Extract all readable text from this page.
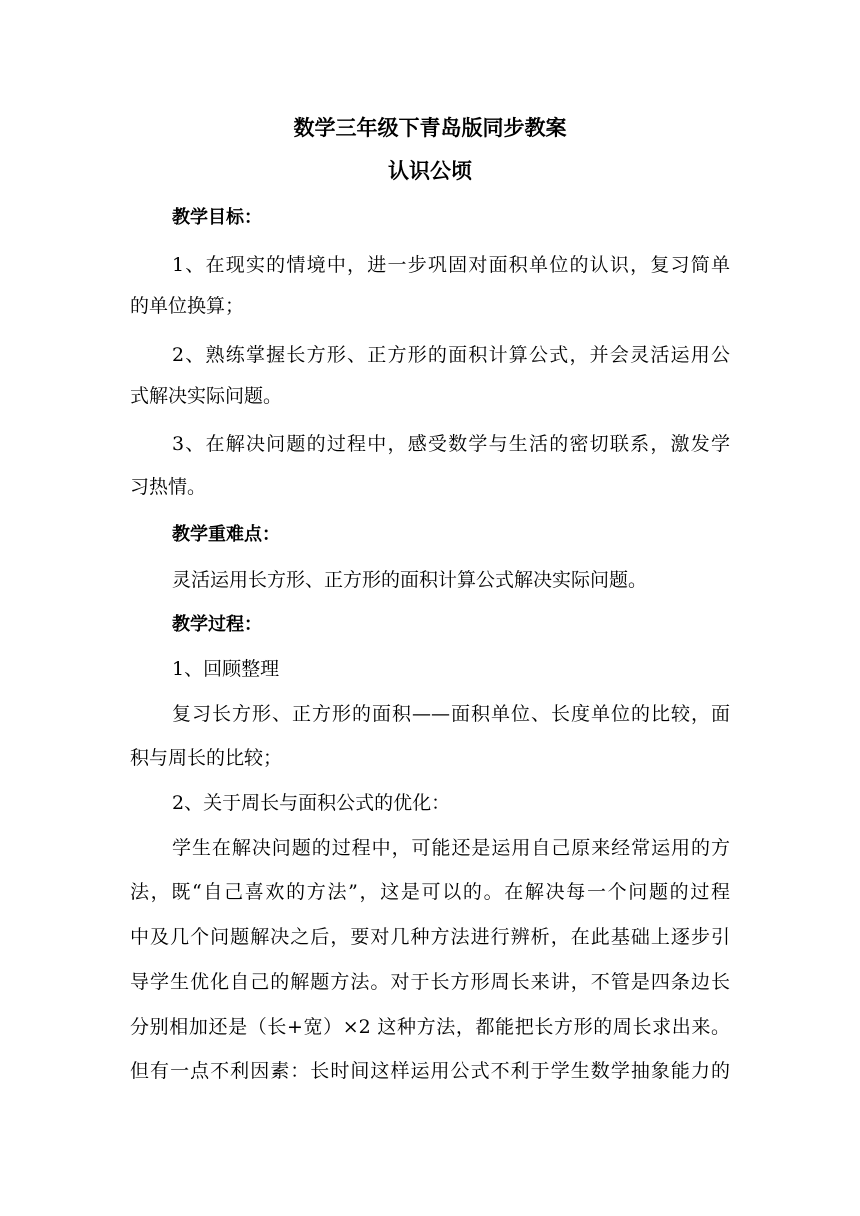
数学三年级下青岛版同步教案
认识公顷
教学目标：
1、在现实的情境中，进一步巩固对面积单位的认识，复习简单
的单位换算；
2、熟练掌握长方形、正方形的面积计算公式，并会灵活运用公
式解决实际问题。
3、在解决问题的过程中，感受数学与生活的密切联系，激发学
习热情。
教学重难点：
灵活运用长方形、正方形的面积计算公式解决实际问题。
教学过程：
1、回顾整理
复习长方形、正方形的面积——面积单位、长度单位的比较，面
积与周长的比较；
2、关于周长与面积公式的优化：
学生在解决问题的过程中，可能还是运用自己原来经常运用的方
法，既“自己喜欢的方法”，这是可以的。在解决每一个问题的过程
中及几个问题解决之后，要对几种方法进行辨析，在此基础上逐步引
导学生优化自己的解题方法。对于长方形周长来讲，不管是四条边长
分别相加还是（长+宽）×2 这种方法，都能把长方形的周长求出来。
但有一点不利因素：长时间这样运用公式不利于学生数学抽象能力的
